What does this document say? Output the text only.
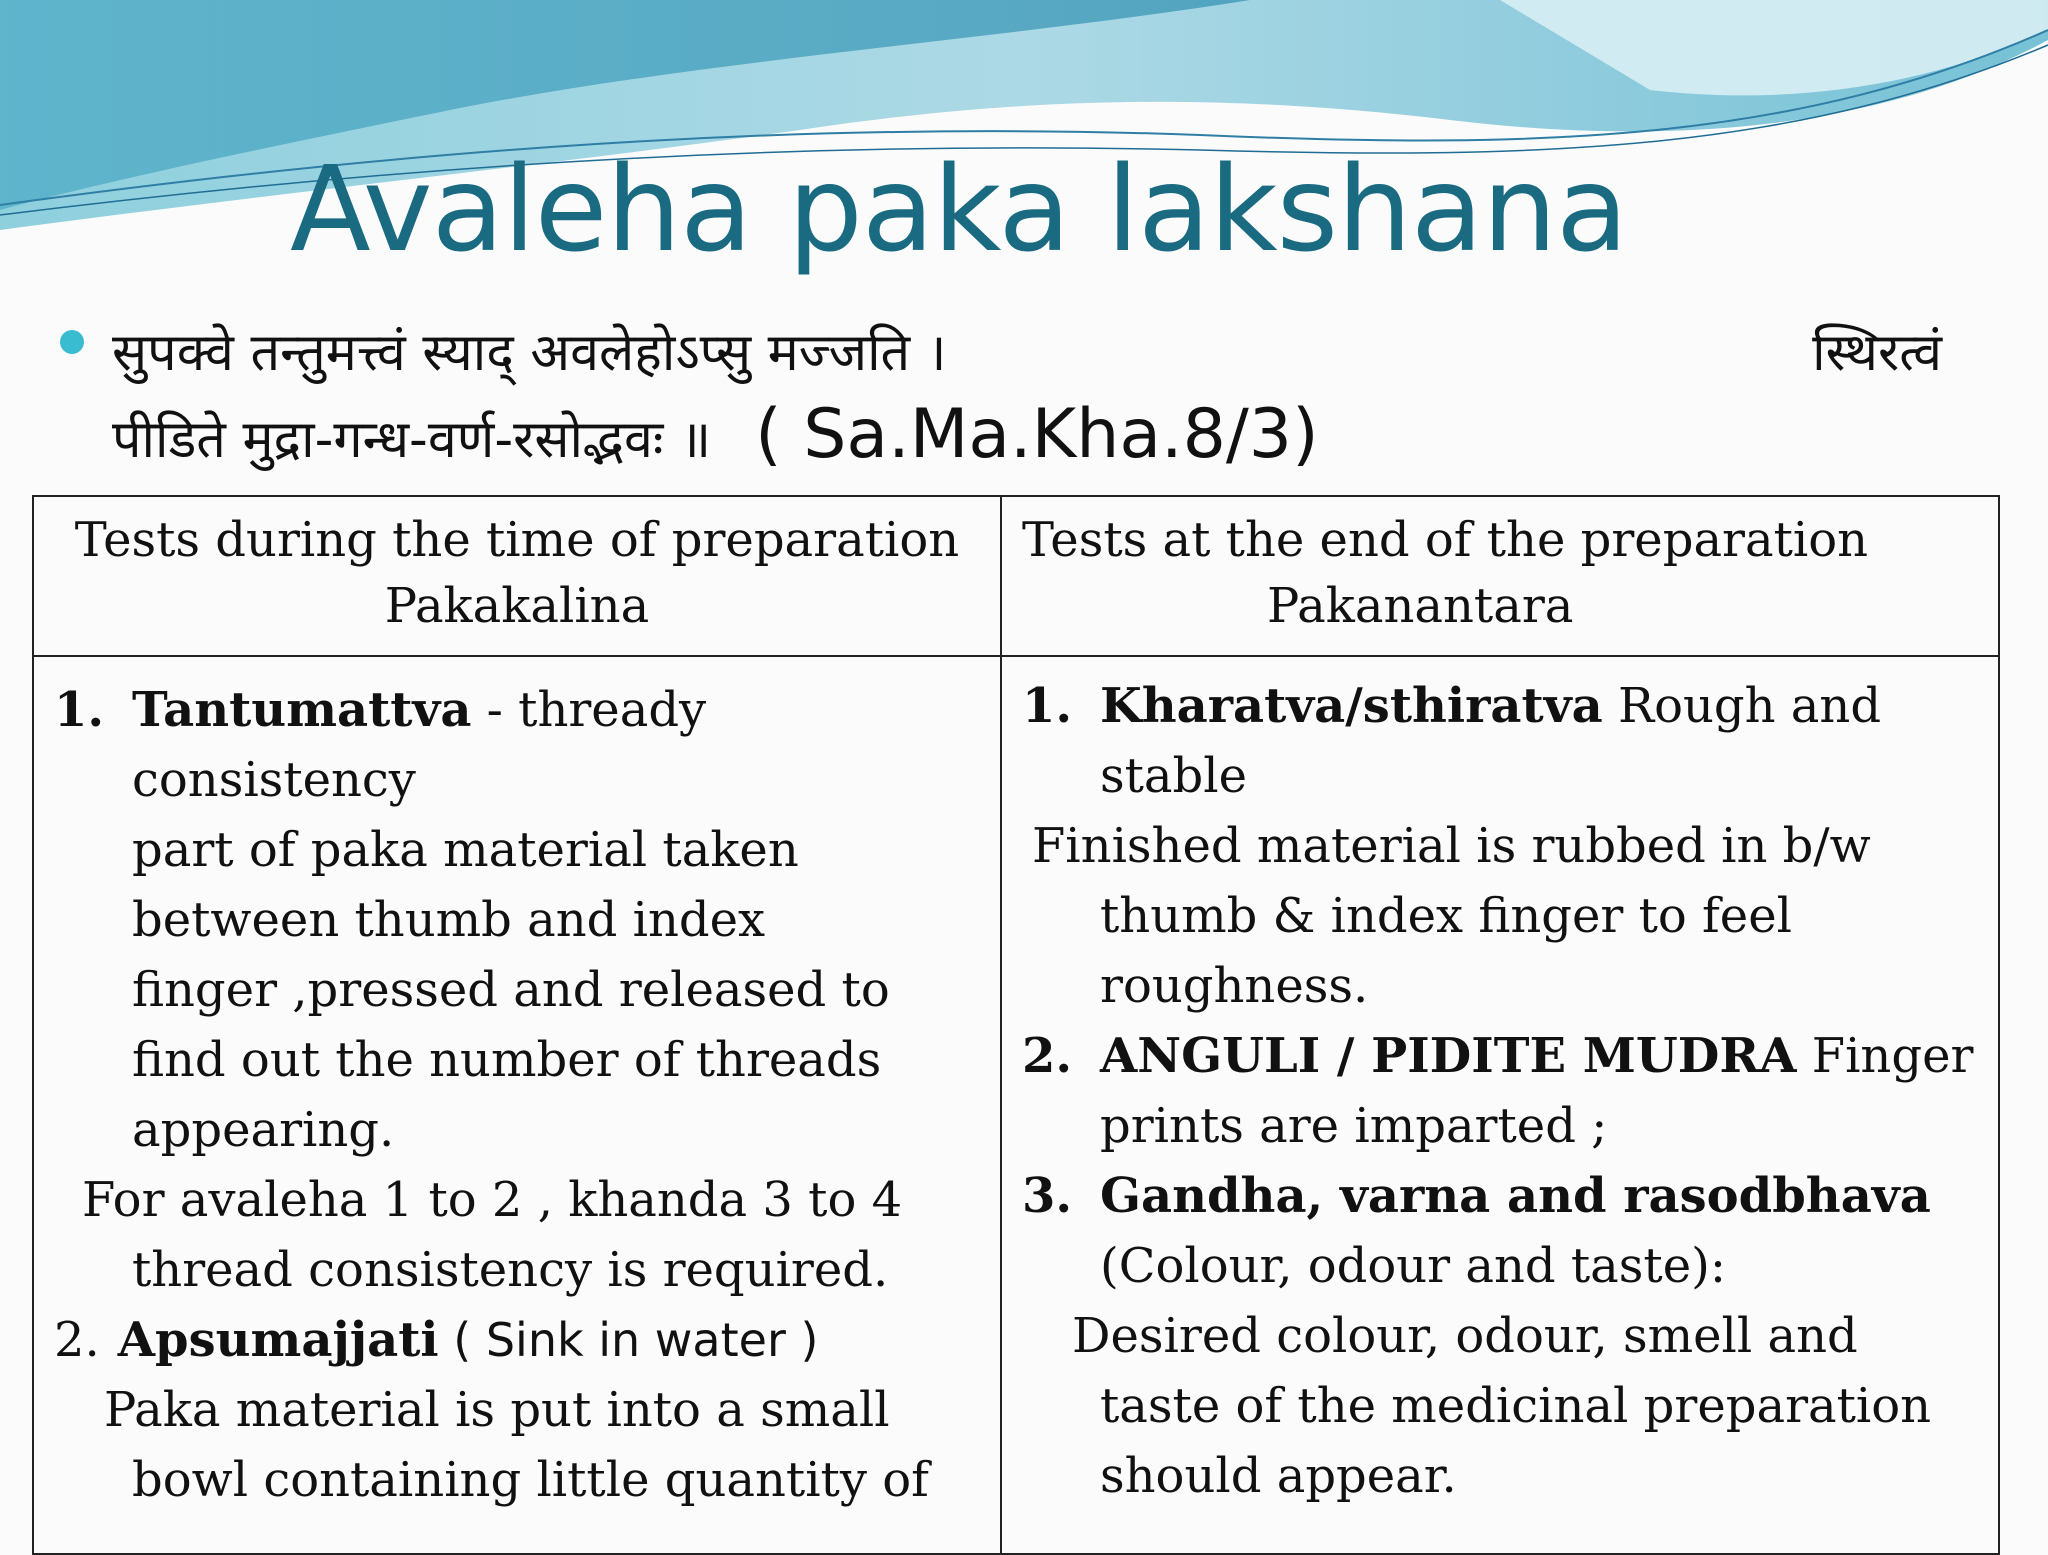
Avaleha paka lakshana
सुपक्वे तन्तुमत्त्वं स्याद् अवलेहोऽप्सु मज्जति ।	स्थिरत्वं
पीडिते मुद्रा-गन्ध-वर्ण-रसोद्भवः ॥ ( Sa.Ma.Kha.8/3)
Tests during the time of preparation
Pakakalina
Tests at the end of the preparation
Pakanantara
1. Tantumattva - thready
consistency
part of paka material taken
between thumb and index
finger ,pressed and released to
find out the number of threads
appearing.
For avaleha 1 to 2 , khanda 3 to 4
thread consistency is required.
2. Apsumajjati ( Sink in water )
Paka material is put into a small
bowl containing little quantity of
1. Kharatva/sthiratva Rough and
stable
Finished material is rubbed in b/w
thumb & index finger to feel
roughness.
2. ANGULI / PIDITE MUDRA Finger
prints are imparted ;
3. Gandha, varna and rasodbhava
(Colour, odour and taste):
Desired colour, odour, smell and
taste of the medicinal preparation
should appear.
